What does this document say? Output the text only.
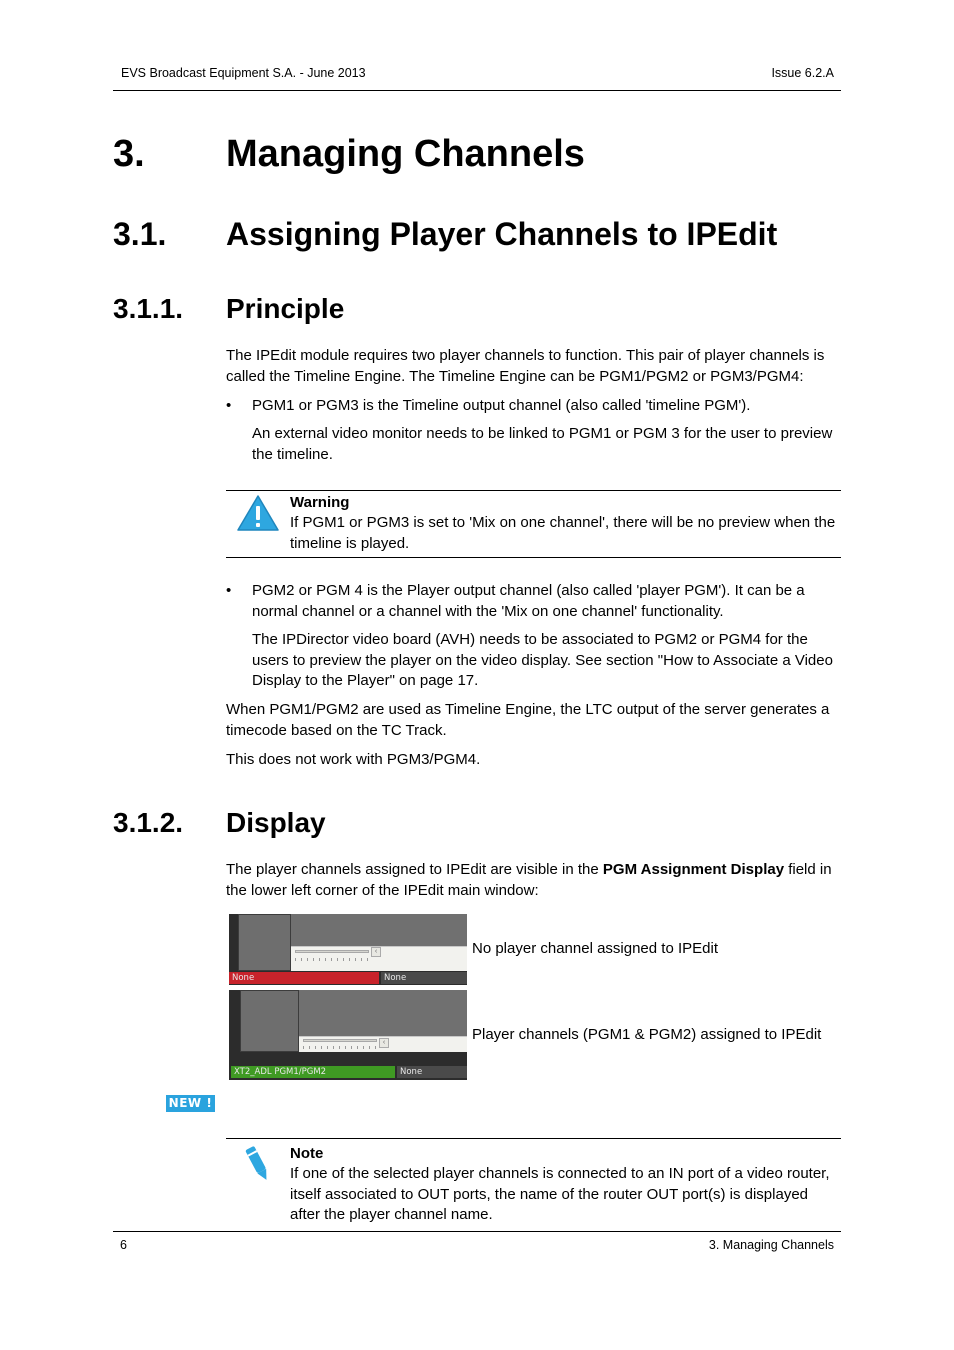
EVS Broadcast Equipment S.A. - June 2013	Issue 6.2.A
3. Managing Channels
3.1. Assigning Player Channels to IPEdit
3.1.1. Principle
The IPEdit module requires two player channels to function. This pair of player channels is called the Timeline Engine. The Timeline Engine can be PGM1/PGM2 or PGM3/PGM4:
• PGM1 or PGM3 is the Timeline output channel (also called 'timeline PGM').
An external video monitor needs to be linked to PGM1 or PGM 3 for the user to preview the timeline.
Warning
If PGM1 or PGM3 is set to 'Mix on one channel', there will be no preview when the timeline is played.
• PGM2 or PGM 4 is the Player output channel (also called 'player PGM'). It can be a normal channel or a channel with the 'Mix on one channel' functionality.
The IPDirector video board (AVH) needs to be associated to PGM2 or PGM4 for the users to preview the player on the video display. See section "How to Associate a Video Display to the Player" on page 17.
When PGM1/PGM2 are used as Timeline Engine, the LTC output of the server generates a timecode based on the TC Track.
This does not work with PGM3/PGM4.
3.1.2. Display
The player channels assigned to IPEdit are visible in the PGM Assignment Display field in the lower left corner of the IPEdit main window:
‹
None	None
No player channel assigned to IPEdit
‹
XT2_ADL PGM1/PGM2	None
Player channels (PGM1 & PGM2) assigned to IPEdit
NEW !
Note
If one of the selected player channels is connected to an IN port of a video router, itself associated to OUT ports, the name of the router OUT port(s) is displayed after the player channel name.
6	3. Managing Channels
